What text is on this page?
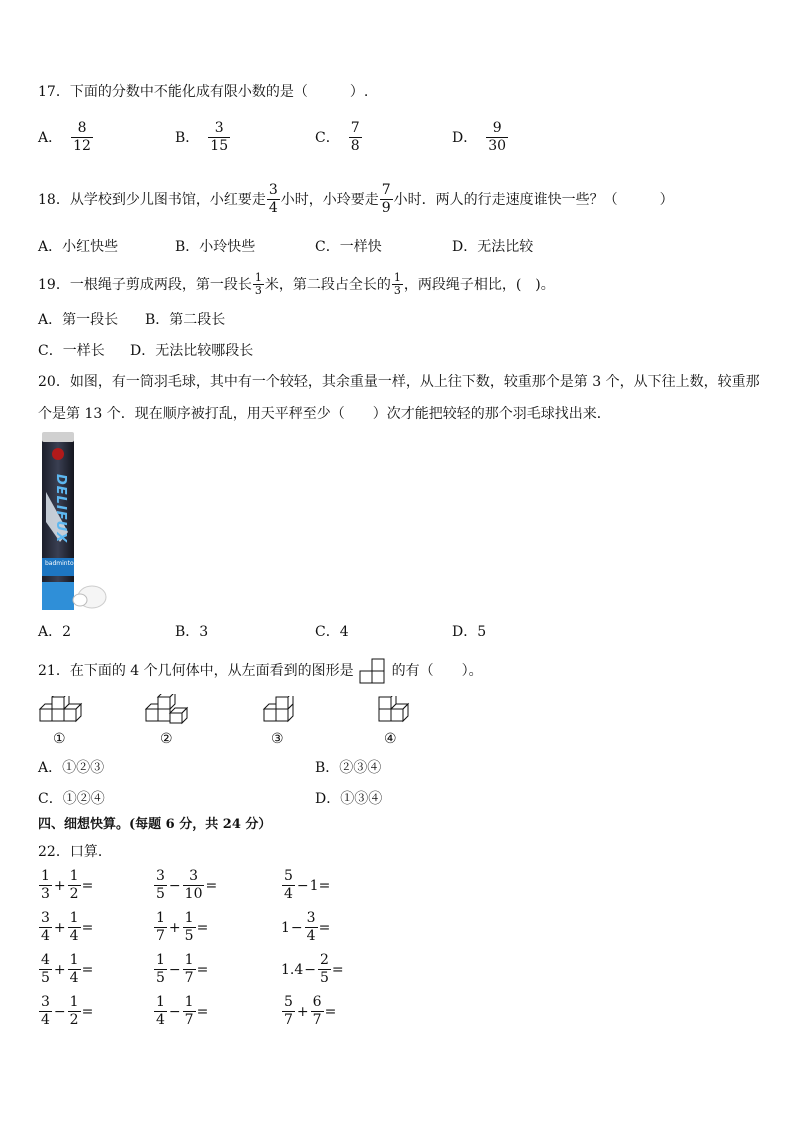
17．下面的分数中不能化成有限小数的是（　　　）.
A． $\frac{8}{12}$	B． $\frac{3}{15}$	C． $\frac{7}{8}$	D． $\frac{9}{30}$
18．从学校到少儿图书馆，小红要走 $\frac{3}{4}$ 小时，小玲要走 $\frac{7}{9}$ 小时．两人的行走速度谁快一些？（　　　）
A．小红快些	B．小玲快些	C．一样快	D．无法比较
19．一根绳子剪成两段，第一段长 $\frac{1}{3}$ 米，第二段占全长的 $\frac{1}{3}$ ，两段绳子相比，(　)。
A．第一段长 B．第二段长
C．一样长 D．无法比较哪段长
20．如图，有一筒羽毛球，其中有一个较轻，其余重量一样，从上往下数，较重那个是第 3 个，从下往上数，较重那
个是第 13 个．现在顺序被打乱，用天平秤至少（　　）次才能把较轻的那个羽毛球找出来．
DELIFUX
badminton
A．2	B．3	C．4	D．5
21．在下面的 4 个几何体中，从左面看到的图形是	的有（　　）。
①	②	③	④
A．①②③	B．②③④
C．①②④	D．①③④
四、细想快算。(每题 6 分，共 24 分）
22．口算．
$\frac{1}{3} + \frac{1}{2}$ =	$\frac{3}{5} - \frac{3}{10}$ =	$\frac{5}{4} - 1$ =
$\frac{3}{4} + \frac{1}{4}$ =	$\frac{1}{7} + \frac{1}{5}$ =	$1 - \frac{3}{4}$ =
$\frac{4}{5} + \frac{1}{4}$ =	$\frac{1}{5} - \frac{1}{7}$ =	$1.4 - \frac{2}{5}$ =
$\frac{3}{4} - \frac{1}{2}$ =	$\frac{1}{4} - \frac{1}{7}$ =	$\frac{5}{7} + \frac{6}{7}$ =
